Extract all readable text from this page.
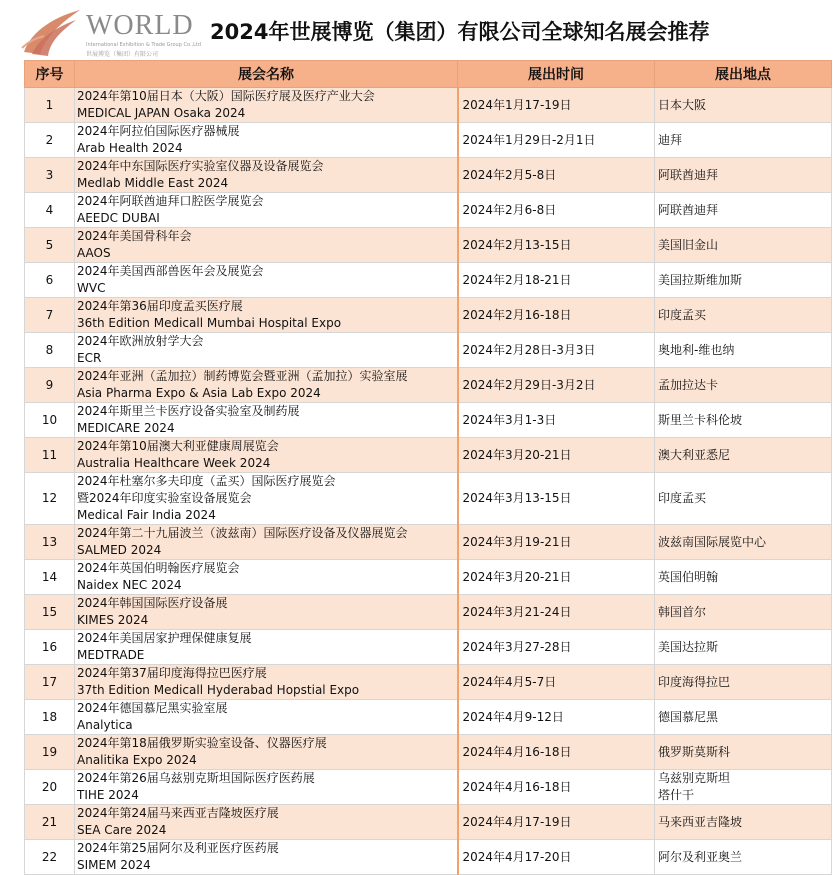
WORLD
International Exhibition & Trade Group Co.,Ltd
世展博览（集团）有限公司
2024年世展博览（集团）有限公司全球知名展会推荐
序号	展会名称	展出时间	展出地点
1	2024年第10届日本（大阪）国际医疗展及医疗产业大会
MEDICAL JAPAN Osaka 2024	2024年1月17-19日	日本大阪

2	2024年阿拉伯国际医疗器械展
Arab Health 2024	2024年1月29日-2月1日	迪拜

3	2024年中东国际医疗实验室仪器及设备展览会
Medlab Middle East 2024	2024年2月5-8日	阿联酋迪拜

4	2024年阿联酋迪拜口腔医学展览会
AEEDC DUBAI	2024年2月6-8日	阿联酋迪拜

5	2024年美国骨科年会
AAOS	2024年2月13-15日	美国旧金山

6	2024年美国西部兽医年会及展览会
WVC	2024年2月18-21日	美国拉斯维加斯

7	2024年第36届印度孟买医疗展
36th Edition Medicall Mumbai Hospital Expo	2024年2月16-18日	印度孟买

8	2024年欧洲放射学大会
ECR	2024年2月28日-3月3日	奥地利-维也纳

9	2024年亚洲（孟加拉）制药博览会暨亚洲（孟加拉）实验室展
Asia Pharma Expo & Asia Lab Expo 2024	2024年2月29日-3月2日	孟加拉达卡

10	2024年斯里兰卡医疗设备实验室及制药展
MEDICARE 2024	2024年3月1-3日	斯里兰卡科伦坡

11	2024年第10届澳大利亚健康周展览会
Australia Healthcare Week 2024	2024年3月20-21日	澳大利亚悉尼

12	2024年杜塞尔多夫印度（孟买）国际医疗展览会
暨2024年印度实验室设备展览会
Medical Fair India 2024	2024年3月13-15日	印度孟买

13	2024年第二十九届波兰（波兹南）国际医疗设备及仪器展览会
SALMED 2024	2024年3月19-21日	波兹南国际展览中心

14	2024年英国伯明翰医疗展览会
Naidex NEC 2024	2024年3月20-21日	英国伯明翰

15	2024年韩国国际医疗设备展
KIMES 2024	2024年3月21-24日	韩国首尔

16	2024年美国居家护理保健康复展
MEDTRADE	2024年3月27-28日	美国达拉斯

17	2024年第37届印度海得拉巴医疗展
37th Edition Medicall Hyderabad Hopstial Expo	2024年4月5-7日	印度海得拉巴

18	2024年德国慕尼黑实验室展
Analytica	2024年4月9-12日	德国慕尼黑

19	2024年第18届俄罗斯实验室设备、仪器医疗展
Analitika Expo 2024	2024年4月16-18日	俄罗斯莫斯科

20	2024年第26届乌兹别克斯坦国际医疗医药展
TIHE 2024	2024年4月16-18日	乌兹别克斯坦
塔什干

21	2024年第24届马来西亚吉隆坡医疗展
SEA Care 2024	2024年4月17-19日	马来西亚吉隆坡

22	2024年第25届阿尔及利亚医疗医药展
SIMEM 2024	2024年4月17-20日	阿尔及利亚奥兰
